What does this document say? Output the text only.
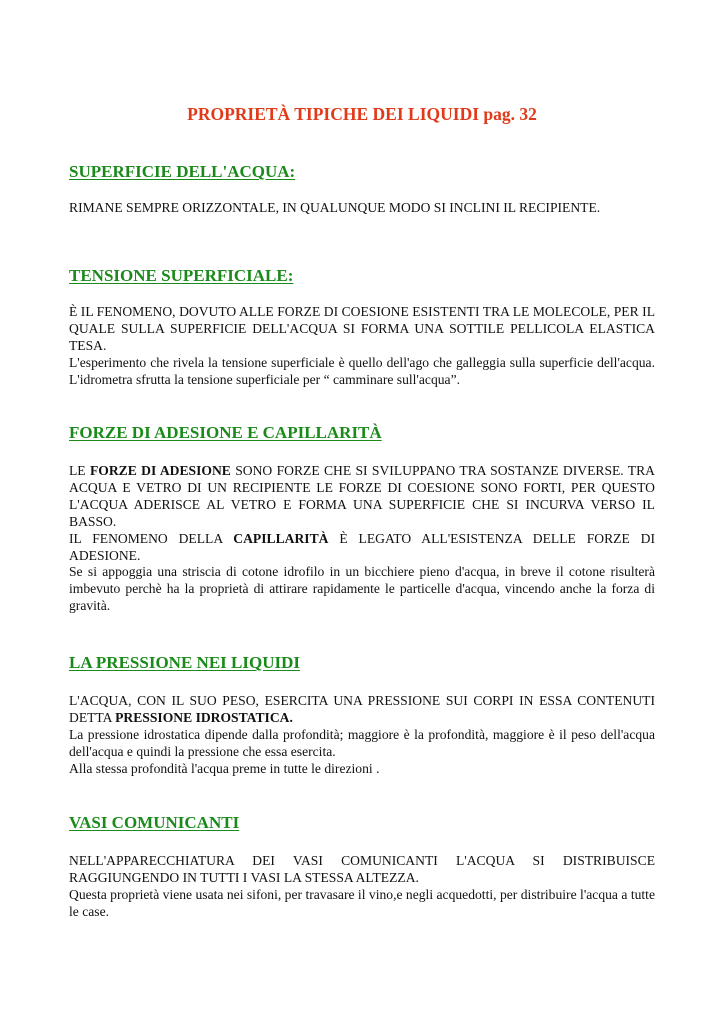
PROPRIETÀ TIPICHE DEI LIQUIDI pag. 32
SUPERFICIE DELL'ACQUA:

RIMANE SEMPRE ORIZZONTALE, IN QUALUNQUE MODO SI INCLINI IL RECIPIENTE.

TENSIONE SUPERFICIALE:

È IL FENOMENO, DOVUTO ALLE FORZE DI COESIONE ESISTENTI TRA LE MOLECOLE, PER IL QUALE SULLA SUPERFICIE DELL'ACQUA SI FORMA UNA SOTTILE PELLICOLA ELASTICA TESA.

L'esperimento che rivela la tensione superficiale è quello dell'ago che galleggia sulla superficie dell'acqua. L'idrometra sfrutta la tensione superficiale per “ camminare sull'acqua”.

FORZE DI ADESIONE E CAPILLARITÀ

LE FORZE DI ADESIONE SONO FORZE CHE SI SVILUPPANO TRA SOSTANZE DIVERSE. TRA ACQUA E VETRO DI UN RECIPIENTE LE FORZE DI COESIONE SONO FORTI, PER QUESTO L'ACQUA ADERISCE AL VETRO E FORMA UNA SUPERFICIE CHE SI INCURVA VERSO IL BASSO.

IL FENOMENO DELLA CAPILLARITÀ È LEGATO ALL'ESISTENZA DELLE FORZE DI ADESIONE.

Se si appoggia una striscia di cotone idrofilo in un bicchiere pieno d'acqua, in breve il cotone risulterà imbevuto perchè ha la proprietà di attirare rapidamente le particelle d'acqua, vincendo anche la forza di gravità.

LA PRESSIONE NEI LIQUIDI

L'ACQUA, CON IL SUO PESO, ESERCITA UNA PRESSIONE SUI CORPI IN ESSA CONTENUTI DETTA PRESSIONE IDROSTATICA.

La pressione idrostatica dipende dalla profondità; maggiore è la profondità, maggiore è il peso dell'acqua dell'acqua e quindi la pressione che essa esercita.

Alla stessa profondità l'acqua preme in tutte le direzioni .

VASI COMUNICANTI

NELL'APPARECCHIATURA DEI VASI COMUNICANTI L'ACQUA SI DISTRIBUISCE RAGGIUNGENDO IN TUTTI I VASI LA STESSA ALTEZZA.

Questa proprietà viene usata nei sifoni, per travasare il vino,e negli acquedotti, per distribuire l'acqua a tutte le case.
